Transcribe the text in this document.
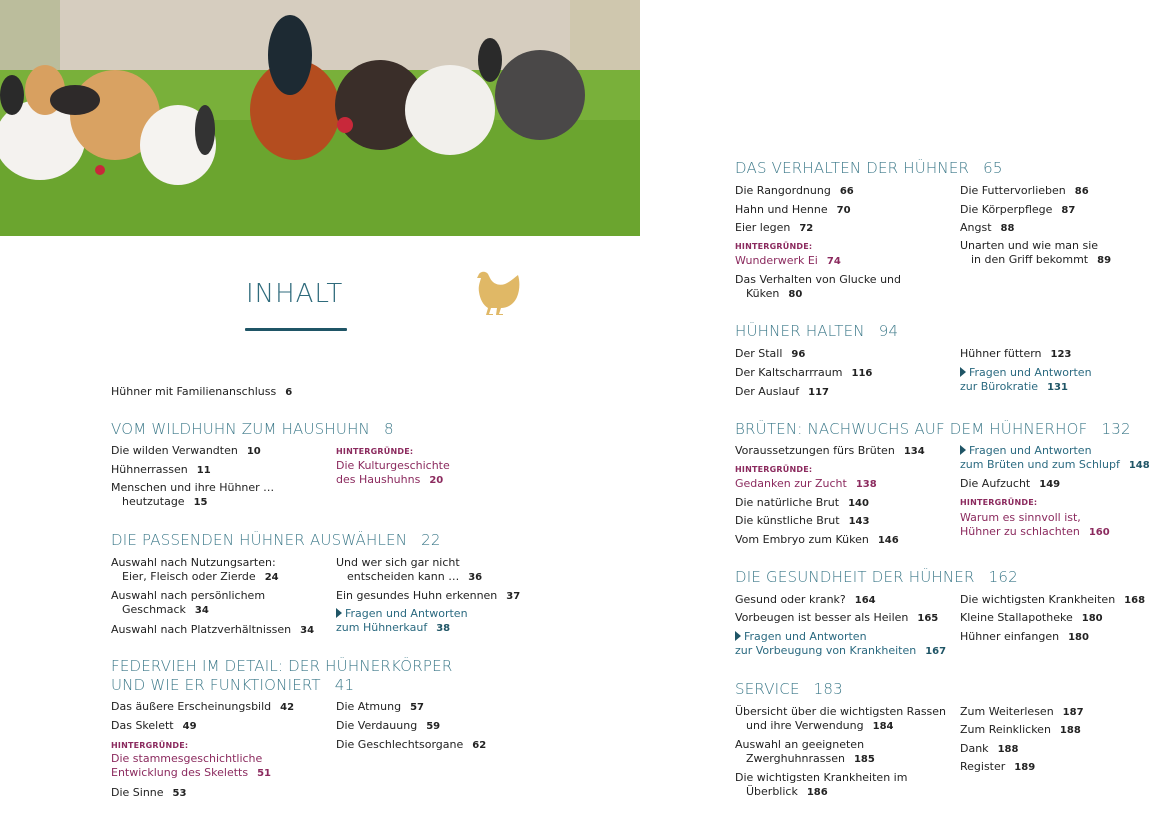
INHALT
Hühner mit Familienanschluss 6
VOM WILDHUHN ZUM HAUSHUHN 8
Die wilden Verwandten 10
Hühnerrassen 11
Menschen und ihre Hühner …
heutzutage 15
HINTERGRÜNDE:
Die Kulturgeschichte
des Haushuhns 20
DIE PASSENDEN HÜHNER AUSWÄHLEN 22
Auswahl nach Nutzungsarten:
Eier, Fleisch oder Zierde 24
Auswahl nach persönlichem
Geschmack 34
Auswahl nach Platzverhältnissen 34
Und wer sich gar nicht
entscheiden kann … 36
Ein gesundes Huhn erkennen 37
Fragen und Antworten
zum Hühnerkauf 38
FEDERVIEH IM DETAIL: DER HÜHNERKÖRPER
UND WIE ER FUNKTIONIERT 41
Das äußere Erscheinungsbild 42
Das Skelett 49
HINTERGRÜNDE:
Die stammesgeschichtliche
Entwicklung des Skeletts 51
Die Sinne 53
Die Atmung 57
Die Verdauung 59
Die Geschlechtsorgane 62
DAS VERHALTEN DER HÜHNER 65
Die Rangordnung 66
Hahn und Henne 70
Eier legen 72
HINTERGRÜNDE:
Wunderwerk Ei 74
Das Verhalten von Glucke und
Küken 80
Die Futtervorlieben 86
Die Körperpflege 87
Angst 88
Unarten und wie man sie
in den Griff bekommt 89
HÜHNER HALTEN 94
Der Stall 96
Der Kaltscharrraum 116
Der Auslauf 117
Hühner füttern 123
Fragen und Antworten
zur Bürokratie 131
BRÜTEN: NACHWUCHS AUF DEM HÜHNERHOF 132
Voraussetzungen fürs Brüten 134
HINTERGRÜNDE:
Gedanken zur Zucht 138
Die natürliche Brut 140
Die künstliche Brut 143
Vom Embryo zum Küken 146
Fragen und Antworten
zum Brüten und zum Schlupf 148
Die Aufzucht 149
HINTERGRÜNDE:
Warum es sinnvoll ist,
Hühner zu schlachten 160
DIE GESUNDHEIT DER HÜHNER 162
Gesund oder krank? 164
Vorbeugen ist besser als Heilen 165
Fragen und Antworten
zur Vorbeugung von Krankheiten 167
Die wichtigsten Krankheiten 168
Kleine Stallapotheke 180
Hühner einfangen 180
SERVICE 183
Übersicht über die wichtigsten Rassen
und ihre Verwendung 184
Auswahl an geeigneten
Zwerghuhnrassen 185
Die wichtigsten Krankheiten im
Überblick 186
Zum Weiterlesen 187
Zum Reinklicken 188
Dank 188
Register 189
